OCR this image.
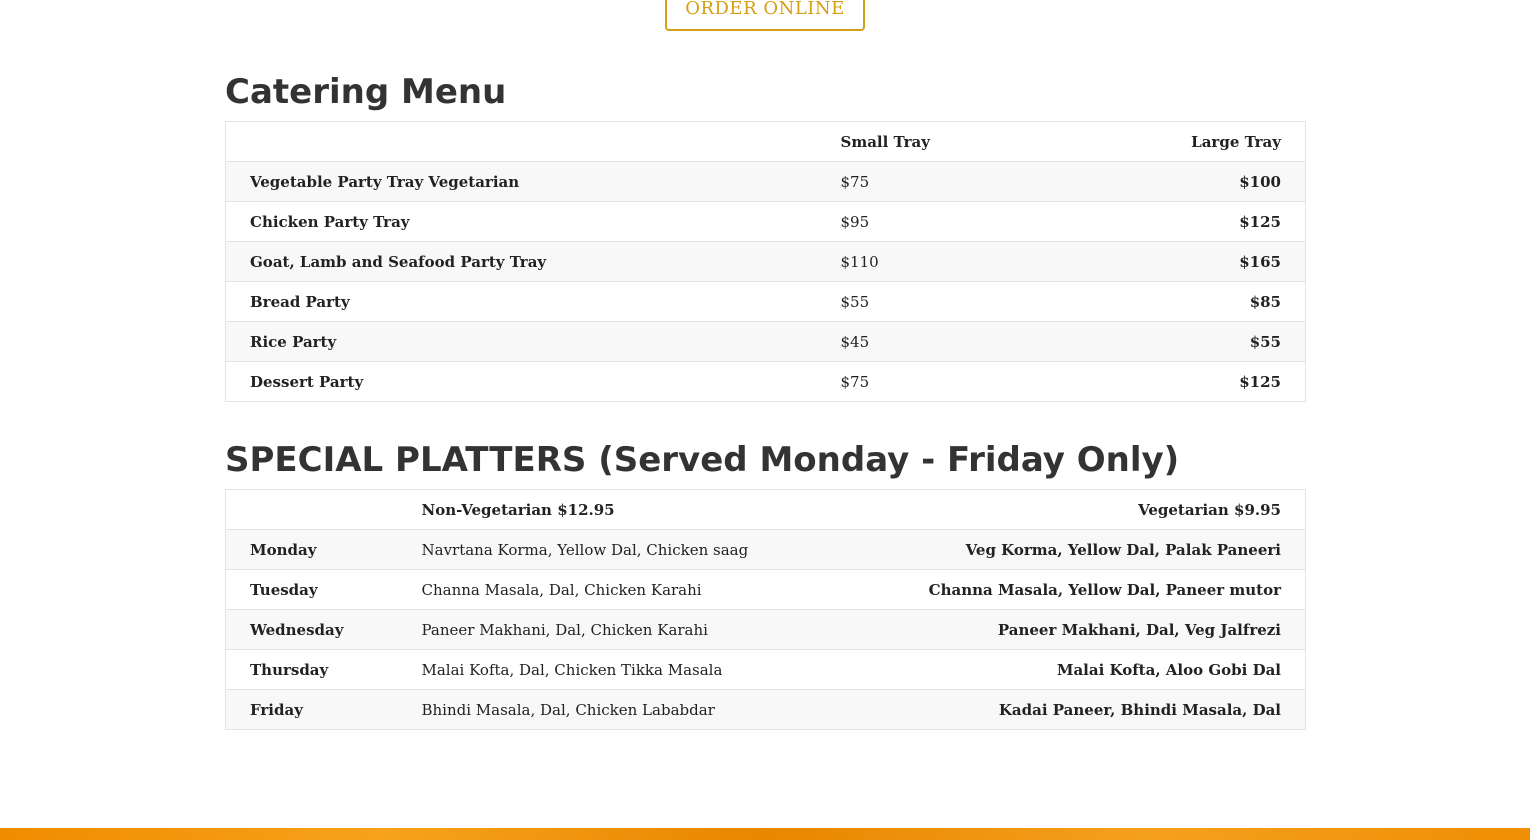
ORDER ONLINE
Catering Menu
	Small Tray	Large Tray
Vegetable Party Tray Vegetarian	$75	$100
Chicken Party Tray	$95	$125
Goat, Lamb and Seafood Party Tray	$110	$165
Bread Party	$55	$85
Rice Party	$45	$55
Dessert Party	$75	$125
SPECIAL PLATTERS (Served Monday - Friday Only)
	Non-Vegetarian $12.95	Vegetarian $9.95
Monday	Navrtana Korma, Yellow Dal, Chicken saag	Veg Korma, Yellow Dal, Palak Paneeri
Tuesday	Channa Masala, Dal, Chicken Karahi	Channa Masala, Yellow Dal, Paneer mutor
Wednesday	Paneer Makhani, Dal, Chicken Karahi	Paneer Makhani, Dal, Veg Jalfrezi
Thursday	Malai Kofta, Dal, Chicken Tikka Masala	Malai Kofta, Aloo Gobi Dal
Friday	Bhindi Masala, Dal, Chicken Lababdar	Kadai Paneer, Bhindi Masala, Dal
